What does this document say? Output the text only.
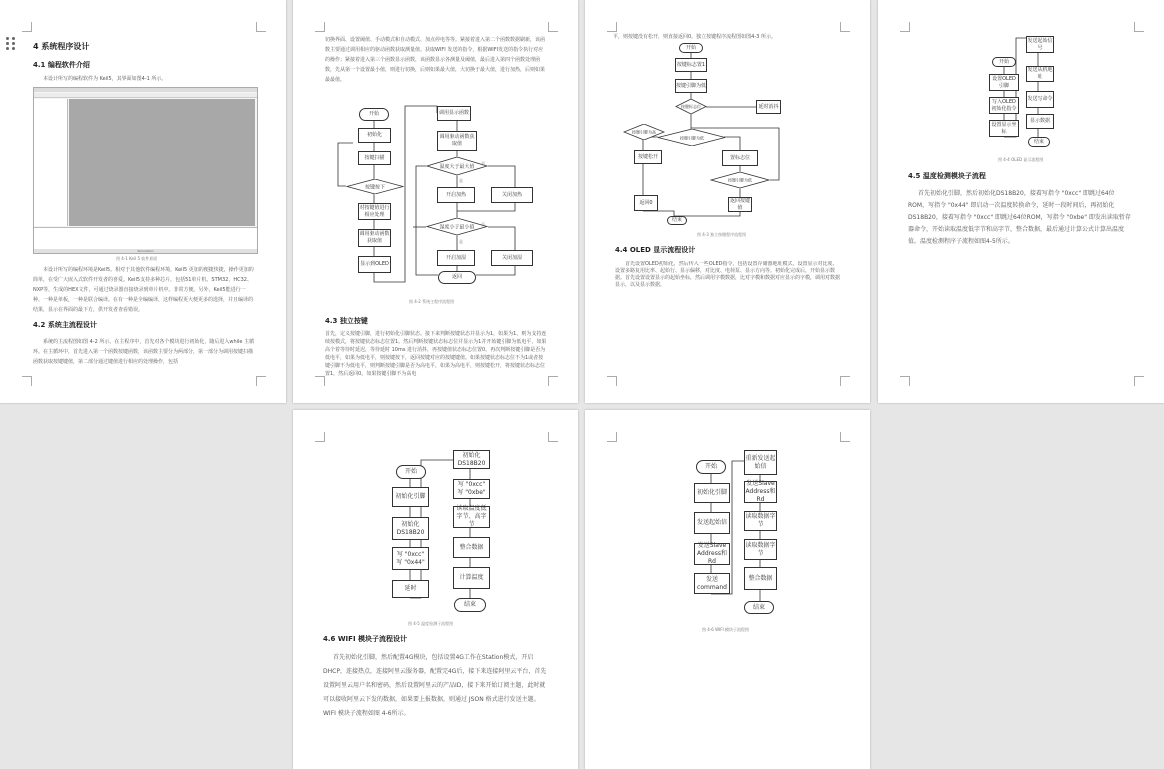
4 系统程序设计
4.1 编程软件介绍
本设计所写的编程软件为 Keil5，其界面如图4-1 所示。
Simulation
图 4-1 Keil 5 软件界面
本设计所写的编程环境是Keil5。相对于其他软件编程环境，Keil5 更加的便捷快捷，操作更加的简单，在受广大嵌入式软件开发者的喜爱。Keil5支持多种芯片，包括51单片机、STM32、HC32、NXP等，生成的HEX文件，可通过烧录器直接烧录到单片机中。非常方便。另外，Keil5能进行一种、一种是单板，一种是联合编译。在有一种是全编编译，这样编程更大便更多的选择，并且编译的结果，显示在界面的最下方，供开发者查看错误。
4.2 系统主流程设计
系统的主流程图如图 4-2 所示。在主程序中，首先对各个模块进行初始化，随后进入while 主循环。在主循环中，首先进入第一个函数按键函数，该函数主要分为两部分，第一部分为调用按键扫描函数获取按键键值，第二部分通过键值进行相应的处理操作，包括
切换界面、设置阈值、手动模式和自动模式、加点停电等等。紧接着进入第二个函数数据刷新，该函数主要通过调用相应的驱动函数获取测量值。获取WIFI 发送的指令，根据WIFI发送的指令执行对应的操作；紧接着进入第三个函数显示函数，该函数显示各测量及阈值，最后进入第四个函数处理函数，先从第一个设置最小值，则进行切换，后则如果最大值，大切换于最大值，进行加热，后则如果最最值。
开始
初始化
按键扫描
按键按下
对按键值进行相应处理
调用驱动函数获取值
显示到OLED
调用显示函数
调用驱动函数获取值
温度大于最大值
开启加热	关闭加热
湿度小于最小值
开启加湿	关闭加湿
返回
否
是
否
是
图 4-2 系统主程序流程图
4.3 独立按键
首先，定义按键引脚，进行初始化引脚状态。接下来判断按键状态并显示为1，如果为1，则为支持连续按模式，将按键状态标志位置1。然后判断按键状态标志位并显示为1并开始键引脚为低电平，如果高个着等待时延迟，等待延时 10ms 进行消抖，再按键值状态标志位置0。再次判断按键引脚是否为低电平，如果为低电平，则按键按下，返回按键对应的按键键值。如果按键状态标志位不为1或者按键引脚不为低电平，则判断按键引脚是否为高电平，如果为高电平，则按键松开，将按键状态标志位置1，然后返回0。如果按键引脚不为高电
平，则按键没有松开，则直接返回0。独立按键程序流程图如图4-3 所示。
开始
按键标志置1
按键引脚为低
按键标志位	延时消抖
按键引脚为低
按键引脚为高
按键松开	置标志位
按键引脚为低
返回0	返回按键值
结束
图 4-3 独立按键程序流程图
4.4 OLED 显示流程设计
首先设置OLED初始化，然后传入一些OLED指令，包括设置存储器地址模式，设置显示对比度、设置多路复用比率、起始行、显示偏移，对比度、电荷泵、显示方向等。初始化完成后，开始显示数据。首先设置设置显示的起始坐标，然后调用字模数据，比对字模和数据对应显示的字模，调用对数据显示，以及显示数据。
开始
设置OLED引脚
写入OLED初始化指令
设置显示坐标
发送起始信号
发送从机地址
发送写命令
显示数据
结束
图 4-4 OLED 显示流程图
4.5 温度检测模块子流程
首先初始化引脚，然后初始化DS18B20，接着写指令 "0xcc" 即跳过64位ROM，写指令 "0x44" 即启动一次温度转换命令，延时一段时间后，再初始化DS18B20，接着写指令 "0xcc" 即跳过64位ROM，写指令 "0xbe" 即发出读取暂存器命令，开始读取温度低字节和高字节，整合数据，最后通过计算公式计算出温度值。温度检测程序子流程如图4-5所示。
开始
初始化引脚
初始化DS18B20
写 "0xcc" 写 "0x44"
延时
初始化DS18B20
写 "0xcc" 写 "0xbe"
读取温度低字节、高字节
整合数据
计算温度
结束
图 4-5 温度检测子流程图
4.6 WIFI 模块子流程设计
首先初始化引脚，然后配置4G模块，包括设置4G工作在Station模式，开启DHCP，连接热点，连接阿里云服务器，配置完4G后，接下来连接阿里云平台，首先设置阿里云用户名和密码，然后设置阿里云的产品ID，接下来开始订阅主题，此时就可以接收阿里云下发的数据，如果要上报数据，则通过 JSON 格式进行发送主题。WIFI 模块子流程如图 4-6所示。
开始
初始化引脚
发送起始信
发送Slave Address和Rd
发送command
重新发送起始信
发送Slave Address和Rd
读取数据字节
读取数据字节
整合数据
结束
图 4-6 WIFI 模块子流程图
